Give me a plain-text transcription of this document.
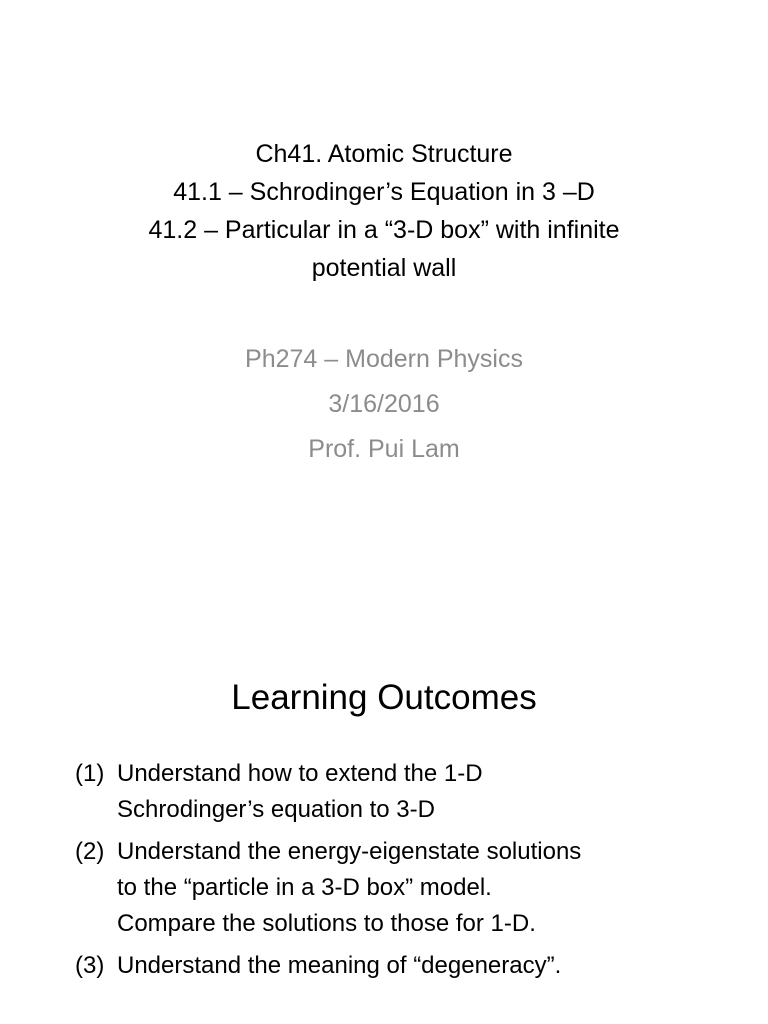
Ch41. Atomic Structure
41.1 – Schrodinger’s Equation in 3 –D
41.2 – Particular in a “3-D box” with infinite
potential wall
Ph274 – Modern Physics
3/16/2016
Prof. Pui Lam
Learning Outcomes
(1) Understand how to extend the 1-D
Schrodinger’s equation to 3-D
(2) Understand the energy-eigenstate solutions
to the “particle in a 3-D box” model.
Compare the solutions to those for 1-D.
(3) Understand the meaning of “degeneracy”.
